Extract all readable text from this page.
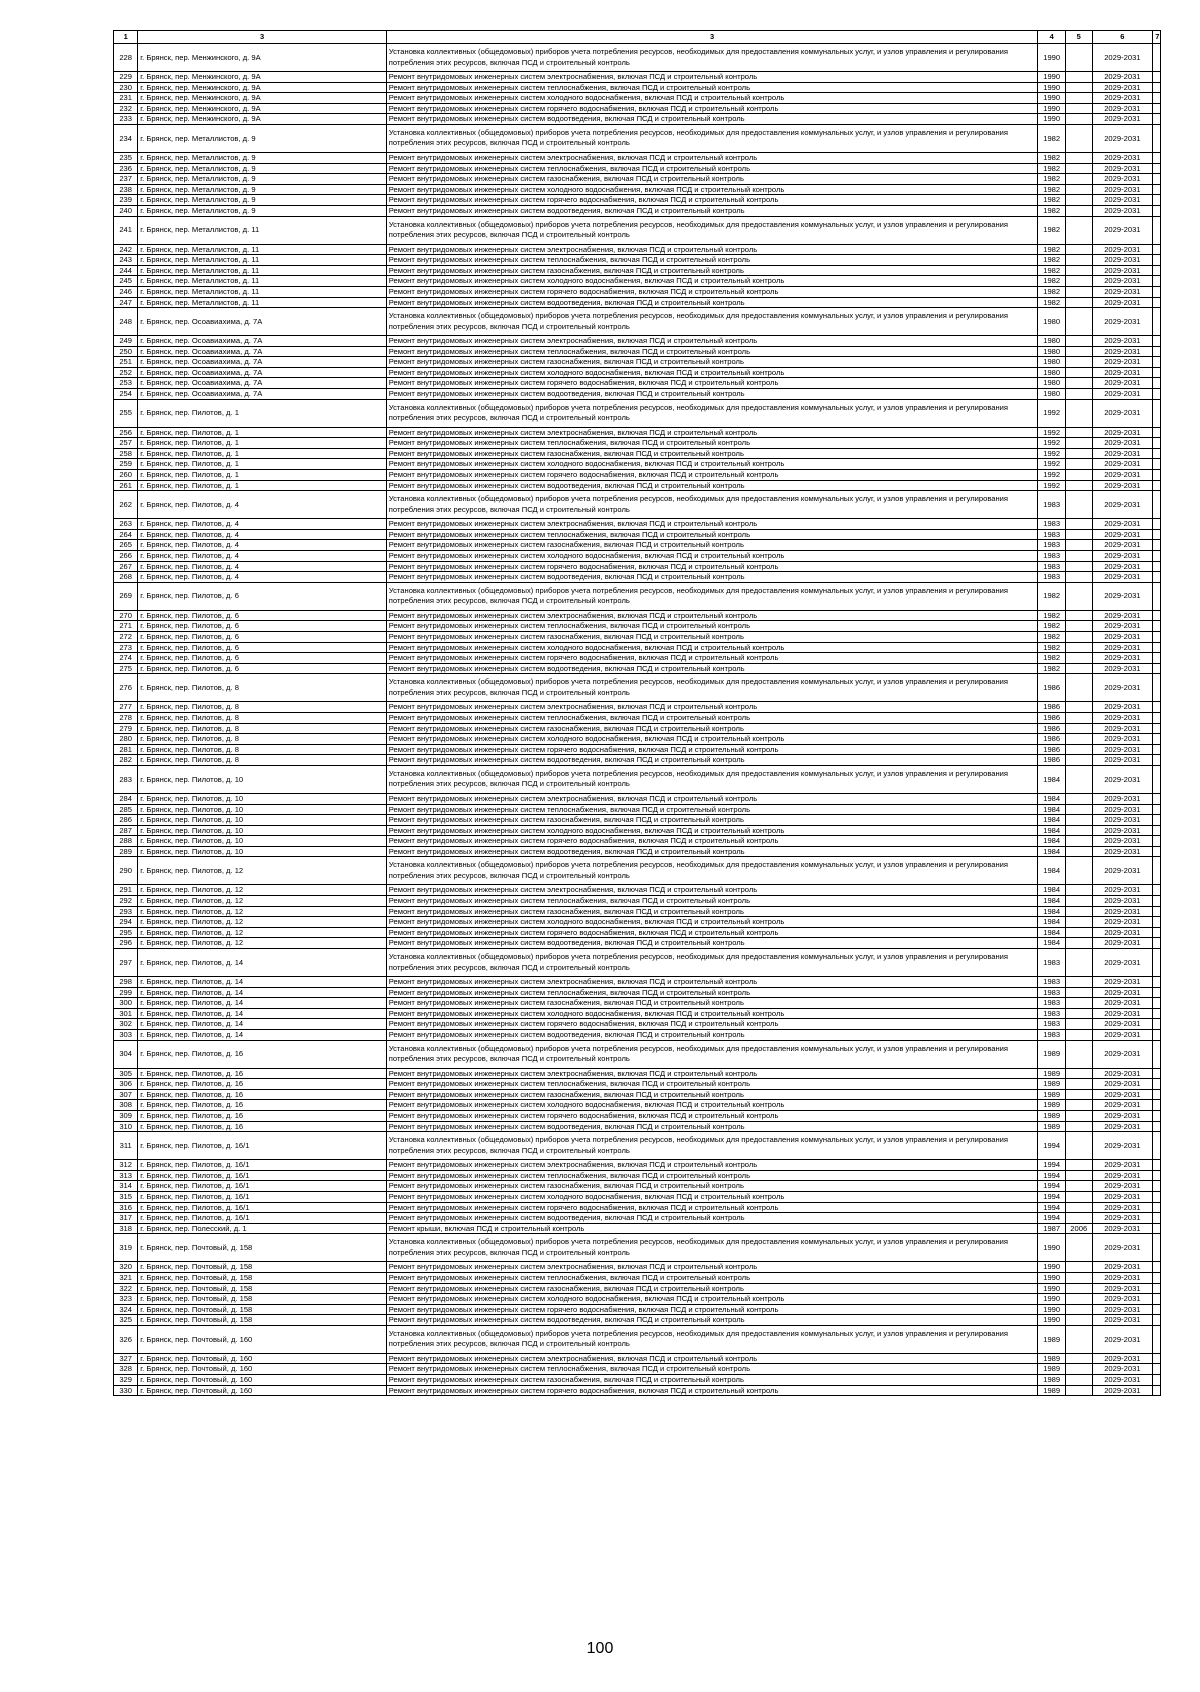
1	3	3	4	5	6	7
228	г. Брянск, пер. Менжинского, д. 9А	Установка коллективных (общедомовых) приборов учета потребления ресурсов, необходимых для предоставления коммунальных услуг, и узлов управления и регулирования потребления этих ресурсов, включая ПСД и строительный контроль	1990		2029-2031	
229	г. Брянск, пер. Менжинского, д. 9А	Ремонт внутридомовых инженерных систем электроснабжения, включая ПСД и строительный контроль	1990		2029-2031	
230	г. Брянск, пер. Менжинского, д. 9А	Ремонт внутридомовых инженерных систем теплоснабжения, включая ПСД и строительный контроль	1990		2029-2031	
231	г. Брянск, пер. Менжинского, д. 9А	Ремонт внутридомовых инженерных систем холодного водоснабжения, включая ПСД и строительный контроль	1990		2029-2031	
232	г. Брянск, пер. Менжинского, д. 9А	Ремонт внутридомовых инженерных систем горячего водоснабжения, включая ПСД и строительный контроль	1990		2029-2031	
233	г. Брянск, пер. Менжинского, д. 9А	Ремонт внутридомовых инженерных систем водоотведения, включая ПСД и строительный контроль	1990		2029-2031	
234	г. Брянск, пер. Металлистов, д. 9	Установка коллективных (общедомовых) приборов учета потребления ресурсов, необходимых для предоставления коммунальных услуг, и узлов управления и регулирования потребления этих ресурсов, включая ПСД и строительный контроль	1982		2029-2031	
235	г. Брянск, пер. Металлистов, д. 9	Ремонт внутридомовых инженерных систем электроснабжения, включая ПСД и строительный контроль	1982		2029-2031	
236	г. Брянск, пер. Металлистов, д. 9	Ремонт внутридомовых инженерных систем теплоснабжения, включая ПСД и строительный контроль	1982		2029-2031	
237	г. Брянск, пер. Металлистов, д. 9	Ремонт внутридомовых инженерных систем газоснабжения, включая ПСД и строительный контроль	1982		2029-2031	
238	г. Брянск, пер. Металлистов, д. 9	Ремонт внутридомовых инженерных систем холодного водоснабжения, включая ПСД и строительный контроль	1982		2029-2031	
239	г. Брянск, пер. Металлистов, д. 9	Ремонт внутридомовых инженерных систем горячего водоснабжения, включая ПСД и строительный контроль	1982		2029-2031	
240	г. Брянск, пер. Металлистов, д. 9	Ремонт внутридомовых инженерных систем водоотведения, включая ПСД и строительный контроль	1982		2029-2031	
241	г. Брянск, пер. Металлистов, д. 11	Установка коллективных (общедомовых) приборов учета потребления ресурсов, необходимых для предоставления коммунальных услуг, и узлов управления и регулирования потребления этих ресурсов, включая ПСД и строительный контроль	1982		2029-2031	
242	г. Брянск, пер. Металлистов, д. 11	Ремонт внутридомовых инженерных систем электроснабжения, включая ПСД и строительный контроль	1982		2029-2031	
243	г. Брянск, пер. Металлистов, д. 11	Ремонт внутридомовых инженерных систем теплоснабжения, включая ПСД и строительный контроль	1982		2029-2031	
244	г. Брянск, пер. Металлистов, д. 11	Ремонт внутридомовых инженерных систем газоснабжения, включая ПСД и строительный контроль	1982		2029-2031	
245	г. Брянск, пер. Металлистов, д. 11	Ремонт внутридомовых инженерных систем холодного водоснабжения, включая ПСД и строительный контроль	1982		2029-2031	
246	г. Брянск, пер. Металлистов, д. 11	Ремонт внутридомовых инженерных систем горячего водоснабжения, включая ПСД и строительный контроль	1982		2029-2031	
247	г. Брянск, пер. Металлистов, д. 11	Ремонт внутридомовых инженерных систем водоотведения, включая ПСД и строительный контроль	1982		2029-2031	
248	г. Брянск, пер. Осоавиахима, д. 7А	Установка коллективных (общедомовых) приборов учета потребления ресурсов, необходимых для предоставления коммунальных услуг, и узлов управления и регулирования потребления этих ресурсов, включая ПСД и строительный контроль	1980		2029-2031	
249	г. Брянск, пер. Осоавиахима, д. 7А	Ремонт внутридомовых инженерных систем электроснабжения, включая ПСД и строительный контроль	1980		2029-2031	
250	г. Брянск, пер. Осоавиахима, д. 7А	Ремонт внутридомовых инженерных систем теплоснабжения, включая ПСД и строительный контроль	1980		2029-2031	
251	г. Брянск, пер. Осоавиахима, д. 7А	Ремонт внутридомовых инженерных систем газоснабжения, включая ПСД и строительный контроль	1980		2029-2031	
252	г. Брянск, пер. Осоавиахима, д. 7А	Ремонт внутридомовых инженерных систем холодного водоснабжения, включая ПСД и строительный контроль	1980		2029-2031	
253	г. Брянск, пер. Осоавиахима, д. 7А	Ремонт внутридомовых инженерных систем горячего водоснабжения, включая ПСД и строительный контроль	1980		2029-2031	
254	г. Брянск, пер. Осоавиахима, д. 7А	Ремонт внутридомовых инженерных систем водоотведения, включая ПСД и строительный контроль	1980		2029-2031	
255	г. Брянск, пер. Пилотов, д. 1	Установка коллективных (общедомовых) приборов учета потребления ресурсов, необходимых для предоставления коммунальных услуг, и узлов управления и регулирования потребления этих ресурсов, включая ПСД и строительный контроль	1992		2029-2031	
256	г. Брянск, пер. Пилотов, д. 1	Ремонт внутридомовых инженерных систем электроснабжения, включая ПСД и строительный контроль	1992		2029-2031	
257	г. Брянск, пер. Пилотов, д. 1	Ремонт внутридомовых инженерных систем теплоснабжения, включая ПСД и строительный контроль	1992		2029-2031	
258	г. Брянск, пер. Пилотов, д. 1	Ремонт внутридомовых инженерных систем газоснабжения, включая ПСД и строительный контроль	1992		2029-2031	
259	г. Брянск, пер. Пилотов, д. 1	Ремонт внутридомовых инженерных систем холодного водоснабжения, включая ПСД и строительный контроль	1992		2029-2031	
260	г. Брянск, пер. Пилотов, д. 1	Ремонт внутридомовых инженерных систем горячего водоснабжения, включая ПСД и строительный контроль	1992		2029-2031	
261	г. Брянск, пер. Пилотов, д. 1	Ремонт внутридомовых инженерных систем водоотведения, включая ПСД и строительный контроль	1992		2029-2031	
262	г. Брянск, пер. Пилотов, д. 4	Установка коллективных (общедомовых) приборов учета потребления ресурсов, необходимых для предоставления коммунальных услуг, и узлов управления и регулирования потребления этих ресурсов, включая ПСД и строительный контроль	1983		2029-2031	
263	г. Брянск, пер. Пилотов, д. 4	Ремонт внутридомовых инженерных систем электроснабжения, включая ПСД и строительный контроль	1983		2029-2031	
264	г. Брянск, пер. Пилотов, д. 4	Ремонт внутридомовых инженерных систем теплоснабжения, включая ПСД и строительный контроль	1983		2029-2031	
265	г. Брянск, пер. Пилотов, д. 4	Ремонт внутридомовых инженерных систем газоснабжения, включая ПСД и строительный контроль	1983		2029-2031	
266	г. Брянск, пер. Пилотов, д. 4	Ремонт внутридомовых инженерных систем холодного водоснабжения, включая ПСД и строительный контроль	1983		2029-2031	
267	г. Брянск, пер. Пилотов, д. 4	Ремонт внутридомовых инженерных систем горячего водоснабжения, включая ПСД и строительный контроль	1983		2029-2031	
268	г. Брянск, пер. Пилотов, д. 4	Ремонт внутридомовых инженерных систем водоотведения, включая ПСД и строительный контроль	1983		2029-2031	
269	г. Брянск, пер. Пилотов, д. 6	Установка коллективных (общедомовых) приборов учета потребления ресурсов, необходимых для предоставления коммунальных услуг, и узлов управления и регулирования потребления этих ресурсов, включая ПСД и строительный контроль	1982		2029-2031	
270	г. Брянск, пер. Пилотов, д. 6	Ремонт внутридомовых инженерных систем электроснабжения, включая ПСД и строительный контроль	1982		2029-2031	
271	г. Брянск, пер. Пилотов, д. 6	Ремонт внутридомовых инженерных систем теплоснабжения, включая ПСД и строительный контроль	1982		2029-2031	
272	г. Брянск, пер. Пилотов, д. 6	Ремонт внутридомовых инженерных систем газоснабжения, включая ПСД и строительный контроль	1982		2029-2031	
273	г. Брянск, пер. Пилотов, д. 6	Ремонт внутридомовых инженерных систем холодного водоснабжения, включая ПСД и строительный контроль	1982		2029-2031	
274	г. Брянск, пер. Пилотов, д. 6	Ремонт внутридомовых инженерных систем горячего водоснабжения, включая ПСД и строительный контроль	1982		2029-2031	
275	г. Брянск, пер. Пилотов, д. 6	Ремонт внутридомовых инженерных систем водоотведения, включая ПСД и строительный контроль	1982		2029-2031	
276	г. Брянск, пер. Пилотов, д. 8	Установка коллективных (общедомовых) приборов учета потребления ресурсов, необходимых для предоставления коммунальных услуг, и узлов управления и регулирования потребления этих ресурсов, включая ПСД и строительный контроль	1986		2029-2031	
277	г. Брянск, пер. Пилотов, д. 8	Ремонт внутридомовых инженерных систем электроснабжения, включая ПСД и строительный контроль	1986		2029-2031	
278	г. Брянск, пер. Пилотов, д. 8	Ремонт внутридомовых инженерных систем теплоснабжения, включая ПСД и строительный контроль	1986		2029-2031	
279	г. Брянск, пер. Пилотов, д. 8	Ремонт внутридомовых инженерных систем газоснабжения, включая ПСД и строительный контроль	1986		2029-2031	
280	г. Брянск, пер. Пилотов, д. 8	Ремонт внутридомовых инженерных систем холодного водоснабжения, включая ПСД и строительный контроль	1986		2029-2031	
281	г. Брянск, пер. Пилотов, д. 8	Ремонт внутридомовых инженерных систем горячего водоснабжения, включая ПСД и строительный контроль	1986		2029-2031	
282	г. Брянск, пер. Пилотов, д. 8	Ремонт внутридомовых инженерных систем водоотведения, включая ПСД и строительный контроль	1986		2029-2031	
283	г. Брянск, пер. Пилотов, д. 10	Установка коллективных (общедомовых) приборов учета потребления ресурсов, необходимых для предоставления коммунальных услуг, и узлов управления и регулирования потребления этих ресурсов, включая ПСД и строительный контроль	1984		2029-2031	
284	г. Брянск, пер. Пилотов, д. 10	Ремонт внутридомовых инженерных систем электроснабжения, включая ПСД и строительный контроль	1984		2029-2031	
285	г. Брянск, пер. Пилотов, д. 10	Ремонт внутридомовых инженерных систем теплоснабжения, включая ПСД и строительный контроль	1984		2029-2031	
286	г. Брянск, пер. Пилотов, д. 10	Ремонт внутридомовых инженерных систем газоснабжения, включая ПСД и строительный контроль	1984		2029-2031	
287	г. Брянск, пер. Пилотов, д. 10	Ремонт внутридомовых инженерных систем холодного водоснабжения, включая ПСД и строительный контроль	1984		2029-2031	
288	г. Брянск, пер. Пилотов, д. 10	Ремонт внутридомовых инженерных систем горячего водоснабжения, включая ПСД и строительный контроль	1984		2029-2031	
289	г. Брянск, пер. Пилотов, д. 10	Ремонт внутридомовых инженерных систем водоотведения, включая ПСД и строительный контроль	1984		2029-2031	
290	г. Брянск, пер. Пилотов, д. 12	Установка коллективных (общедомовых) приборов учета потребления ресурсов, необходимых для предоставления коммунальных услуг, и узлов управления и регулирования потребления этих ресурсов, включая ПСД и строительный контроль	1984		2029-2031	
291	г. Брянск, пер. Пилотов, д. 12	Ремонт внутридомовых инженерных систем электроснабжения, включая ПСД и строительный контроль	1984		2029-2031	
292	г. Брянск, пер. Пилотов, д. 12	Ремонт внутридомовых инженерных систем теплоснабжения, включая ПСД и строительный контроль	1984		2029-2031	
293	г. Брянск, пер. Пилотов, д. 12	Ремонт внутридомовых инженерных систем газоснабжения, включая ПСД и строительный контроль	1984		2029-2031	
294	г. Брянск, пер. Пилотов, д. 12	Ремонт внутридомовых инженерных систем холодного водоснабжения, включая ПСД и строительный контроль	1984		2029-2031	
295	г. Брянск, пер. Пилотов, д. 12	Ремонт внутридомовых инженерных систем горячего водоснабжения, включая ПСД и строительный контроль	1984		2029-2031	
296	г. Брянск, пер. Пилотов, д. 12	Ремонт внутридомовых инженерных систем водоотведения, включая ПСД и строительный контроль	1984		2029-2031	
297	г. Брянск, пер. Пилотов, д. 14	Установка коллективных (общедомовых) приборов учета потребления ресурсов, необходимых для предоставления коммунальных услуг, и узлов управления и регулирования потребления этих ресурсов, включая ПСД и строительный контроль	1983		2029-2031	
298	г. Брянск, пер. Пилотов, д. 14	Ремонт внутридомовых инженерных систем электроснабжения, включая ПСД и строительный контроль	1983		2029-2031	
299	г. Брянск, пер. Пилотов, д. 14	Ремонт внутридомовых инженерных систем теплоснабжения, включая ПСД и строительный контроль	1983		2029-2031	
300	г. Брянск, пер. Пилотов, д. 14	Ремонт внутридомовых инженерных систем газоснабжения, включая ПСД и строительный контроль	1983		2029-2031	
301	г. Брянск, пер. Пилотов, д. 14	Ремонт внутридомовых инженерных систем холодного водоснабжения, включая ПСД и строительный контроль	1983		2029-2031	
302	г. Брянск, пер. Пилотов, д. 14	Ремонт внутридомовых инженерных систем горячего водоснабжения, включая ПСД и строительный контроль	1983		2029-2031	
303	г. Брянск, пер. Пилотов, д. 14	Ремонт внутридомовых инженерных систем водоотведения, включая ПСД и строительный контроль	1983		2029-2031	
304	г. Брянск, пер. Пилотов, д. 16	Установка коллективных (общедомовых) приборов учета потребления ресурсов, необходимых для предоставления коммунальных услуг, и узлов управления и регулирования потребления этих ресурсов, включая ПСД и строительный контроль	1989		2029-2031	
305	г. Брянск, пер. Пилотов, д. 16	Ремонт внутридомовых инженерных систем электроснабжения, включая ПСД и строительный контроль	1989		2029-2031	
306	г. Брянск, пер. Пилотов, д. 16	Ремонт внутридомовых инженерных систем теплоснабжения, включая ПСД и строительный контроль	1989		2029-2031	
307	г. Брянск, пер. Пилотов, д. 16	Ремонт внутридомовых инженерных систем газоснабжения, включая ПСД и строительный контроль	1989		2029-2031	
308	г. Брянск, пер. Пилотов, д. 16	Ремонт внутридомовых инженерных систем холодного водоснабжения, включая ПСД и строительный контроль	1989		2029-2031	
309	г. Брянск, пер. Пилотов, д. 16	Ремонт внутридомовых инженерных систем горячего водоснабжения, включая ПСД и строительный контроль	1989		2029-2031	
310	г. Брянск, пер. Пилотов, д. 16	Ремонт внутридомовых инженерных систем водоотведения, включая ПСД и строительный контроль	1989		2029-2031	
311	г. Брянск, пер. Пилотов, д. 16/1	Установка коллективных (общедомовых) приборов учета потребления ресурсов, необходимых для предоставления коммунальных услуг, и узлов управления и регулирования потребления этих ресурсов, включая ПСД и строительный контроль	1994		2029-2031	
312	г. Брянск, пер. Пилотов, д. 16/1	Ремонт внутридомовых инженерных систем электроснабжения, включая ПСД и строительный контроль	1994		2029-2031	
313	г. Брянск, пер. Пилотов, д. 16/1	Ремонт внутридомовых инженерных систем теплоснабжения, включая ПСД и строительный контроль	1994		2029-2031	
314	г. Брянск, пер. Пилотов, д. 16/1	Ремонт внутридомовых инженерных систем газоснабжения, включая ПСД и строительный контроль	1994		2029-2031	
315	г. Брянск, пер. Пилотов, д. 16/1	Ремонт внутридомовых инженерных систем холодного водоснабжения, включая ПСД и строительный контроль	1994		2029-2031	
316	г. Брянск, пер. Пилотов, д. 16/1	Ремонт внутридомовых инженерных систем горячего водоснабжения, включая ПСД и строительный контроль	1994		2029-2031	
317	г. Брянск, пер. Пилотов, д. 16/1	Ремонт внутридомовых инженерных систем водоотведения, включая ПСД и строительный контроль	1994		2029-2031	
318	г. Брянск, пер. Полесский, д. 1	Ремонт крыши, включая ПСД и строительный контроль	1987	2006	2029-2031	
319	г. Брянск, пер. Почтовый, д. 158	Установка коллективных (общедомовых) приборов учета потребления ресурсов, необходимых для предоставления коммунальных услуг, и узлов управления и регулирования потребления этих ресурсов, включая ПСД и строительный контроль	1990		2029-2031	
320	г. Брянск, пер. Почтовый, д. 158	Ремонт внутридомовых инженерных систем электроснабжения, включая ПСД и строительный контроль	1990		2029-2031	
321	г. Брянск, пер. Почтовый, д. 158	Ремонт внутридомовых инженерных систем теплоснабжения, включая ПСД и строительный контроль	1990		2029-2031	
322	г. Брянск, пер. Почтовый, д. 158	Ремонт внутридомовых инженерных систем газоснабжения, включая ПСД и строительный контроль	1990		2029-2031	
323	г. Брянск, пер. Почтовый, д. 158	Ремонт внутридомовых инженерных систем холодного водоснабжения, включая ПСД и строительный контроль	1990		2029-2031	
324	г. Брянск, пер. Почтовый, д. 158	Ремонт внутридомовых инженерных систем горячего водоснабжения, включая ПСД и строительный контроль	1990		2029-2031	
325	г. Брянск, пер. Почтовый, д. 158	Ремонт внутридомовых инженерных систем водоотведения, включая ПСД и строительный контроль	1990		2029-2031	
326	г. Брянск, пер. Почтовый, д. 160	Установка коллективных (общедомовых) приборов учета потребления ресурсов, необходимых для предоставления коммунальных услуг, и узлов управления и регулирования потребления этих ресурсов, включая ПСД и строительный контроль	1989		2029-2031	
327	г. Брянск, пер. Почтовый, д. 160	Ремонт внутридомовых инженерных систем электроснабжения, включая ПСД и строительный контроль	1989		2029-2031	
328	г. Брянск, пер. Почтовый, д. 160	Ремонт внутридомовых инженерных систем теплоснабжения, включая ПСД и строительный контроль	1989		2029-2031	
329	г. Брянск, пер. Почтовый, д. 160	Ремонт внутридомовых инженерных систем газоснабжения, включая ПСД и строительный контроль	1989		2029-2031	
330	г. Брянск, пер. Почтовый, д. 160	Ремонт внутридомовых инженерных систем горячего водоснабжения, включая ПСД и строительный контроль	1989		2029-2031	
100
